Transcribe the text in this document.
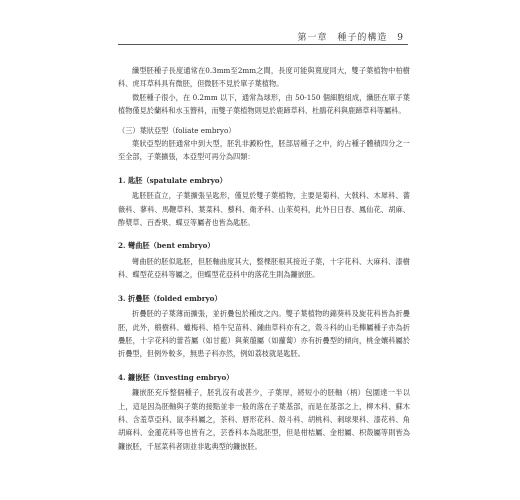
第一章 種子的構造 9

纖型胚種子長度通常在0.3mm至2mm之間，長度可能與寬度同大，雙子葉植物中柏樹科、虎耳草科具有微胚，但微胚不見於單子葉植物。

微胚種子很小，在 0.2mm 以下，通常為球形，由 50-150 個細胞組成，纖胚在單子葉植物僅見於蘭科和水玉簪科，而雙子葉植物則見於鹿蹄草科、杜鵑花科與鹿蹄草科等屬科。

（三）葉狀亞型（foliate embryo）

葉狀亞型的胚通常中到大型，胚乳非澱粉性，胚部居種子之中，約占種子體積四分之一至全部，子葉擴張，本亞型可再分為四類：

1. 匙胚（spatulate embryo）

匙胚胚直立，子葉擴張呈匙形，僅見於雙子葉植物，主要是菊科、大戟科、木犀科、薔薇科、蓼科、馬鞭草科、葉菜科、藜科、衛矛科、山茱萸科，此外日日春、鳳仙花、胡麻、酢漿草、百香果、蝶豆等屬者也皆為匙胚。

2. 彎曲胚（bent embryo）

彎曲胚的胚似匙胚，但胚軸曲度其大，整棵胚根其接近子葉，十字花科、大麻科、漆樹科、蝶型花亞科等屬之，但蝶型花亞科中的落花生則為鐮嵌胚。

3. 折疊胚（folded embryo）

折疊胚的子葉薄而擴張，並折疊包於種皮之內。雙子葉植物的錦葵科及旋花科皆為折疊胚，此外，椴樹科、蠟梅科、梧牛兒苗科、鍾曲草科亦有之，殼斗科的山毛櫸屬種子亦為折疊胚，十字花科的蕾苔屬（如甘藍）與萊菔屬（如蘿蔔）亦有折疊型的傾向，桃金孃科屬於折疊型，但例外較多，無患子科亦然，例如荔枝就是匙胚。

4. 鐮嵌胚（investing embryo）

鐮嵌胚充斥整個種子，胚乳沒有或甚少，子葉厚，將短小的胚軸（柄）包圍達一半以上，這是因為胚軸與子葉的接點並非一般的落在子葉基部，而是在基部之上，柳木科、蘇木科、含羞草亞科、鼠李科屬之，茶科、唇形花科、殼斗科、胡桃科、刺球果科、漆花科、角胡麻科、金蓮花科等也皆有之，芸香科本為匙胚型，但是柑桔屬、金柑屬、枳殼屬等則皆為鐮嵌胚，千屈菜科者則並非匙典型的鐮嵌胚。
